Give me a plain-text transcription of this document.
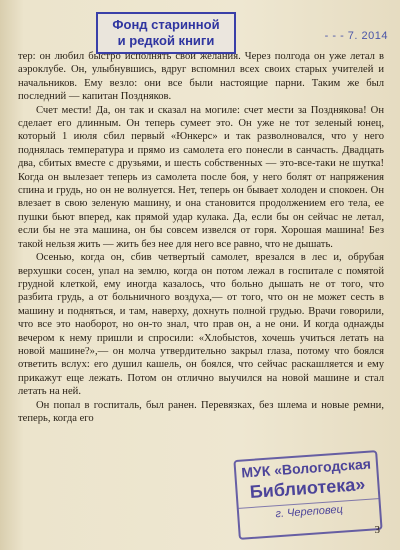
Фонд старинной
и редкой книги	- - - 7. 2014

тер: он любил быстро исполнять свои желания. Через полгода он уже летал в аэроклубе. Он, улыбнувшись, вдруг вспомнил всех своих старых учителей и начальников. Ему везло: они все были настоящие парни. Таким же был последний — капитан Поздняков.

Счет мести! Да, он так и сказал на могиле: счет мести за Позднякова! Он сделает его длинным. Он теперь сумеет это. Он уже не тот зеленый юнец, который 1 июля сбил первый «Юнкерс» и так разволновался, что у него поднялась температура и прямо из самолета его понесли в санчасть. Двадцать два, сбитых вместе с друзьями, и шесть собственных — это-все-таки не шутка! Когда он вылезает теперь из самолета после боя, у него болят от напряжения спина и грудь, но он не волнуется. Нет, теперь он бывает холоден и спокоен. Он влезает в свою зеленую машину, и она становится продолжением его тела, ее пушки бьют вперед, как прямой удар кулака. Да, если бы он сейчас не летал, если бы не эта машина, он бы совсем извелся от горя. Хорошая машина! Без такой нельзя жить — жить без нее для него все равно, что не дышать.

Осенью, когда он, сбив четвертый самолет, врезался в лес и, обрубая верхушки сосен, упал на землю, когда он потом лежал в госпитале с помятой грудной клеткой, ему иногда казалось, что больно дышать не от того, что разбита грудь, а от больничного воздуха,— от того, что он не может сесть в машину и подняться, и там, наверху, дохнуть полной грудью. Врачи говорили, что все это наоборот, но он-то знал, что прав он, а не они. И когда однажды вечером к нему пришли и спросили: «Хлобыстов, хочешь учиться летать на новой машине?»,— он молча утвердительно закрыл глаза, потому что боялся ответить вслух: его душил кашель, он боялся, что сейчас раскашляется и ему прикажут еще лежать. Потом он отлично выучился на новой машине и стал летать на ней.

Он попал в госпиталь, был ранен. Перевязках, без шлема и новые ремни, теперь, когда его

МУК «Вологодская
Библиотека»
г. Череповец
3
